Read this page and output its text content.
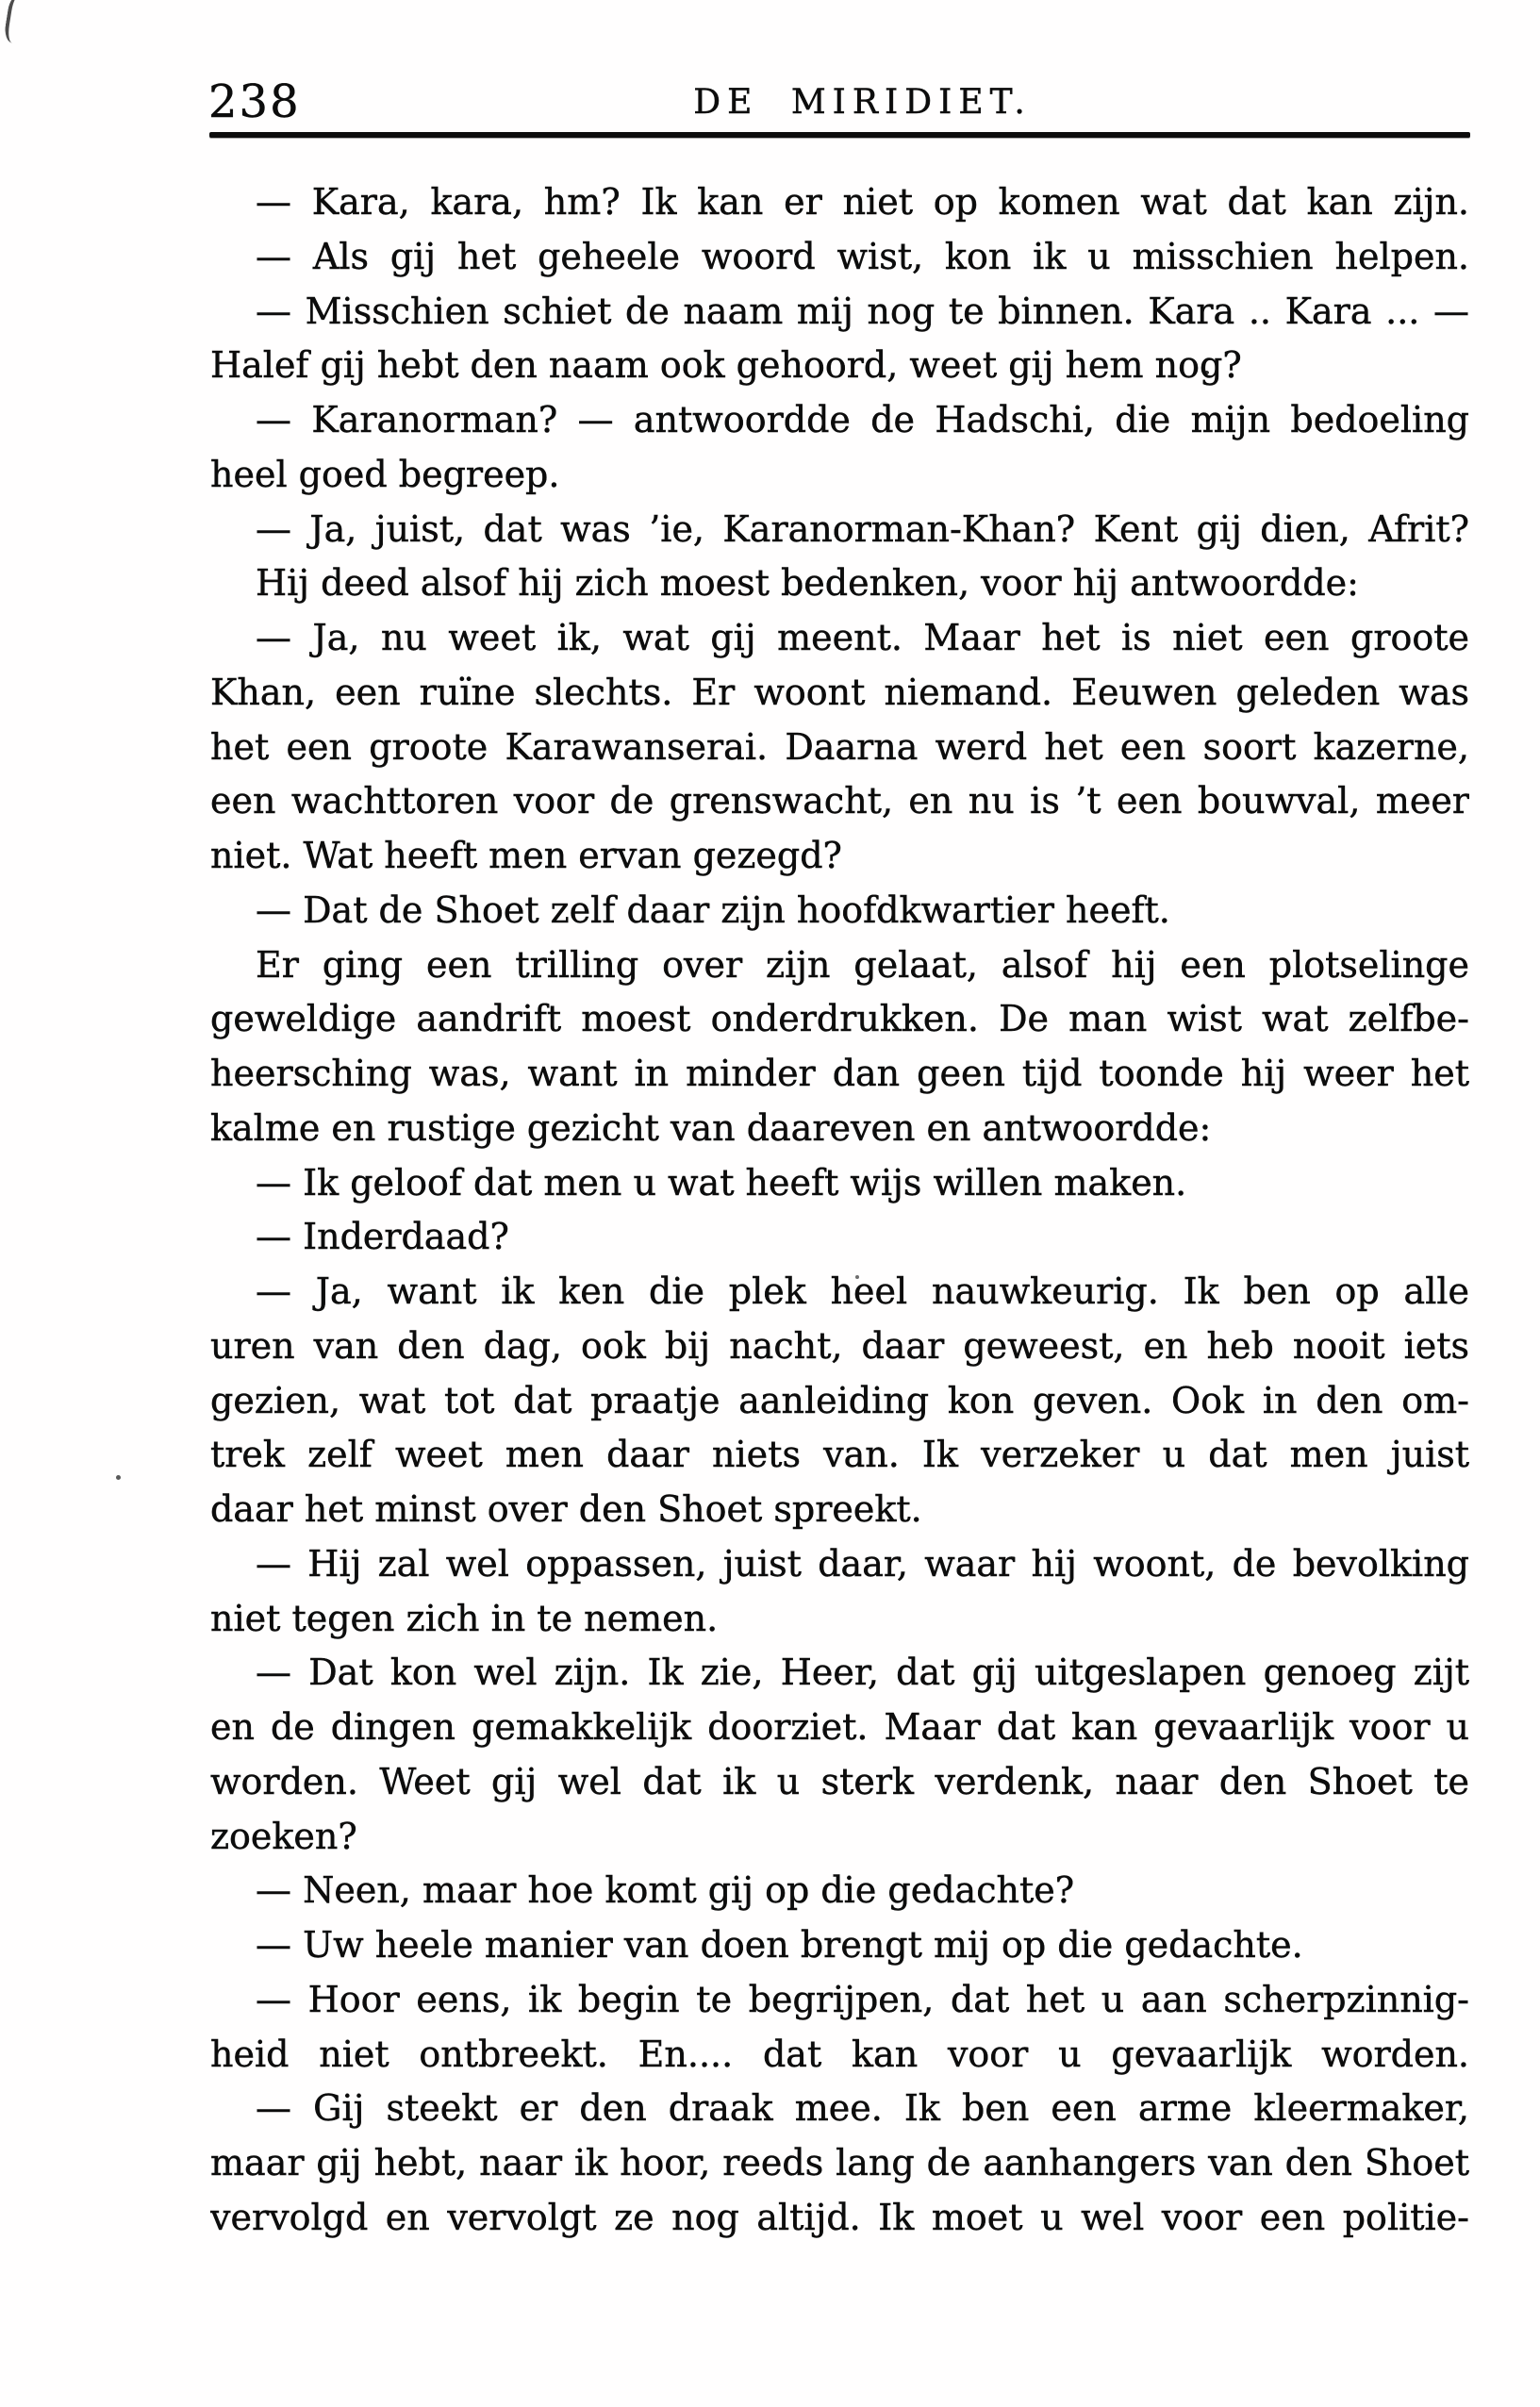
238	DE MIRIDIET.
— Kara, kara, hm? Ik kan er niet op komen wat dat kan zijn.
— Als gij het geheele woord wist, kon ik u misschien helpen.
— Misschien schiet de naam mij nog te binnen. Kara .. Kara ... —
Halef gij hebt den naam ook gehoord, weet gij hem nog?
— Karanorman? — antwoordde de Hadschi, die mijn bedoeling
heel goed begreep.
— Ja, juist, dat was ’ie, Karanorman-Khan? Kent gij dien, Afrit?
Hij deed alsof hij zich moest bedenken, voor hij antwoordde:
— Ja, nu weet ik, wat gij meent. Maar het is niet een groote
Khan, een ruïne slechts. Er woont niemand. Eeuwen geleden was
het een groote Karawanserai. Daarna werd het een soort kazerne,
een wachttoren voor de grenswacht, en nu is ’t een bouwval, meer
niet. Wat heeft men ervan gezegd?
— Dat de Shoet zelf daar zijn hoofdkwartier heeft.
Er ging een trilling over zijn gelaat, alsof hij een plotselinge
geweldige aandrift moest onderdrukken. De man wist wat zelfbe-
heersching was, want in minder dan geen tijd toonde hij weer het
kalme en rustige gezicht van daareven en antwoordde:
— Ik geloof dat men u wat heeft wijs willen maken.
— Inderdaad?
— Ja, want ik ken die plek heel nauwkeurig. Ik ben op alle
uren van den dag, ook bij nacht, daar geweest, en heb nooit iets
gezien, wat tot dat praatje aanleiding kon geven. Ook in den om-
trek zelf weet men daar niets van. Ik verzeker u dat men juist
daar het minst over den Shoet spreekt.
— Hij zal wel oppassen, juist daar, waar hij woont, de bevolking
niet tegen zich in te nemen.
— Dat kon wel zijn. Ik zie, Heer, dat gij uitgeslapen genoeg zijt
en de dingen gemakkelijk doorziet. Maar dat kan gevaarlijk voor u
worden. Weet gij wel dat ik u sterk verdenk, naar den Shoet te
zoeken?
— Neen, maar hoe komt gij op die gedachte?
— Uw heele manier van doen brengt mij op die gedachte.
— Hoor eens, ik begin te begrijpen, dat het u aan scherpzinnig-
heid niet ontbreekt. En.... dat kan voor u gevaarlijk worden.
— Gij steekt er den draak mee. Ik ben een arme kleermaker,
maar gij hebt, naar ik hoor, reeds lang de aanhangers van den Shoet
vervolgd en vervolgt ze nog altijd. Ik moet u wel voor een politie-
